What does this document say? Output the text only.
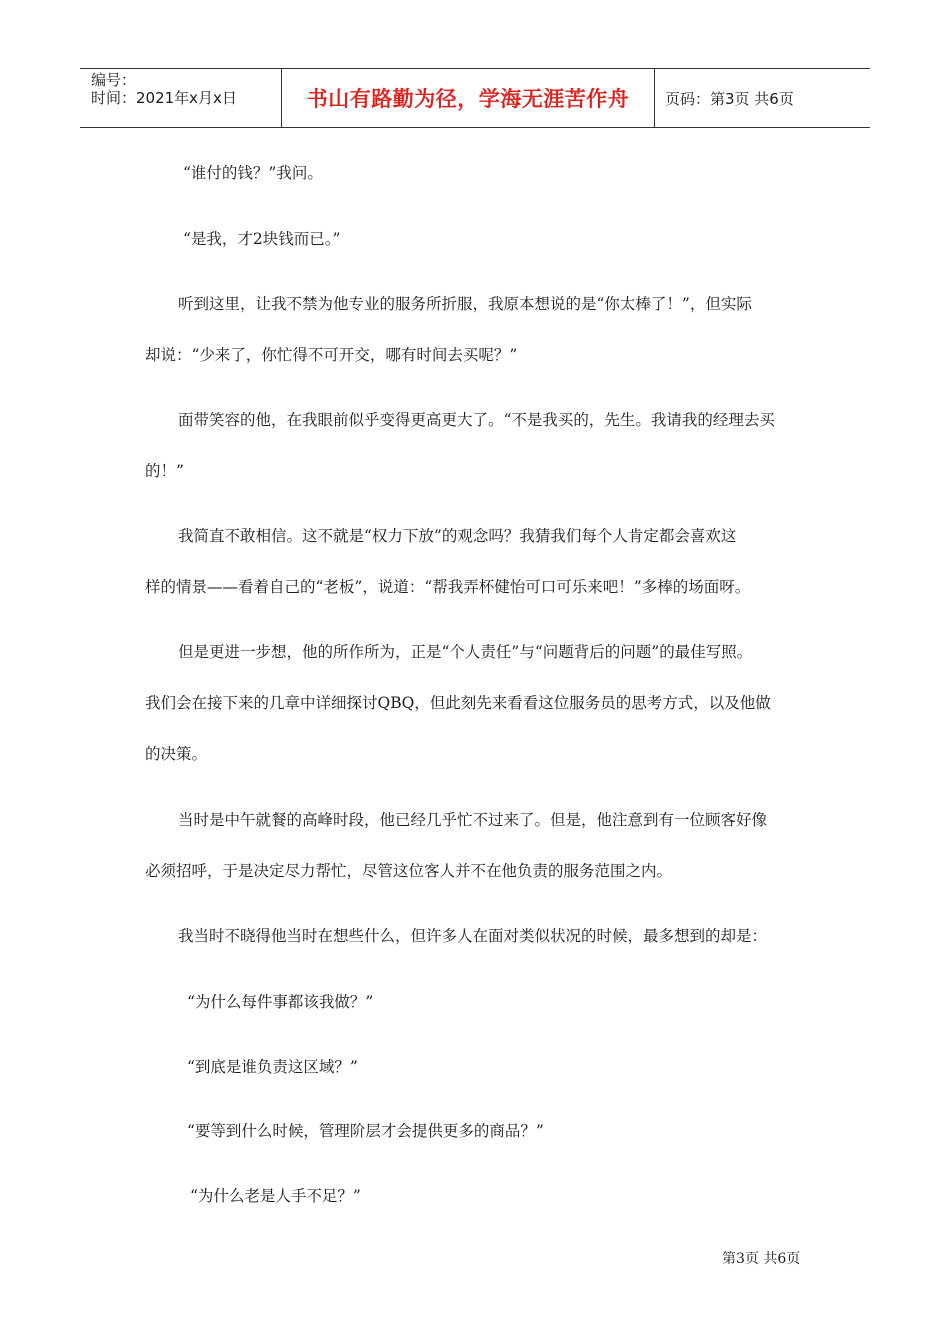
编号：
时间：2021年x月x日	书山有路勤为径，学海无涯苦作舟	页码：第3页 共6页

“谁付的钱？”我问。

“是我，才2块钱而已。”

听到这里，让我不禁为他专业的服务所折服，我原本想说的是“你太棒了！”，但实际

却说：“少来了，你忙得不可开交，哪有时间去买呢？”

面带笑容的他，在我眼前似乎变得更高更大了。“不是我买的，先生。我请我的经理去买

的！”

我简直不敢相信。这不就是“权力下放”的观念吗？我猜我们每个人肯定都会喜欢这

样的情景——看着自己的“老板”，说道：“帮我弄杯健怡可口可乐来吧！”多棒的场面呀。

但是更进一步想，他的所作所为，正是“个人责任”与“问题背后的问题”的最佳写照。

我们会在接下来的几章中详细探讨QBQ，但此刻先来看看这位服务员的思考方式，以及他做

的决策。

当时是中午就餐的高峰时段，他已经几乎忙不过来了。但是，他注意到有一位顾客好像

必须招呼，于是决定尽力帮忙，尽管这位客人并不在他负责的服务范围之内。

我当时不晓得他当时在想些什么，但许多人在面对类似状况的时候，最多想到的却是：

“为什么每件事都该我做？”

“到底是谁负责这区域？”

“要等到什么时候，管理阶层才会提供更多的商品？”

“为什么老是人手不足？”

第3页 共6页
